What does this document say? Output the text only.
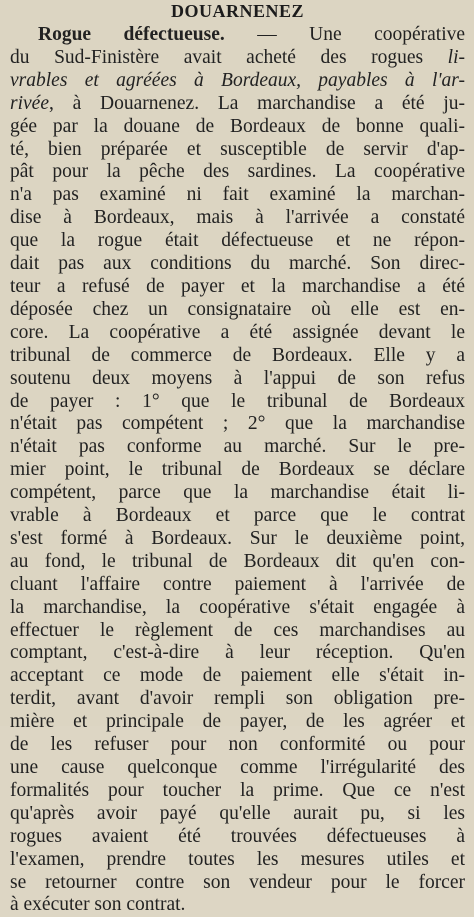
DOUARNENEZ
Rogue défectueuse. — Une coopérative
du Sud-Finistère avait acheté des rogues li-
vrables et agréées à Bordeaux, payables à l'ar-
rivée, à Douarnenez. La marchandise a été ju-
gée par la douane de Bordeaux de bonne quali-
té, bien préparée et susceptible de servir d'ap-
pât pour la pêche des sardines. La coopérative
n'a pas examiné ni fait examiné la marchan-
dise à Bordeaux, mais à l'arrivée a constaté
que la rogue était défectueuse et ne répon-
dait pas aux conditions du marché. Son direc-
teur a refusé de payer et la marchandise a été
déposée chez un consignataire où elle est en-
core. La coopérative a été assignée devant le
tribunal de commerce de Bordeaux. Elle y a
soutenu deux moyens à l'appui de son refus
de payer : 1° que le tribunal de Bordeaux
n'était pas compétent ; 2° que la marchandise
n'était pas conforme au marché. Sur le pre-
mier point, le tribunal de Bordeaux se déclare
compétent, parce que la marchandise était li-
vrable à Bordeaux et parce que le contrat
s'est formé à Bordeaux. Sur le deuxième point,
au fond, le tribunal de Bordeaux dit qu'en con-
cluant l'affaire contre paiement à l'arrivée de
la marchandise, la coopérative s'était engagée à
effectuer le règlement de ces marchandises au
comptant, c'est-à-dire à leur réception. Qu'en
acceptant ce mode de paiement elle s'était in-
terdit, avant d'avoir rempli son obligation pre-
mière et principale de payer, de les agréer et
de les refuser pour non conformité ou pour
une cause quelconque comme l'irrégularité des
formalités pour toucher la prime. Que ce n'est
qu'après avoir payé qu'elle aurait pu, si les
rogues avaient été trouvées défectueuses à
l'examen, prendre toutes les mesures utiles et
se retourner contre son vendeur pour le forcer
à exécuter son contrat.
